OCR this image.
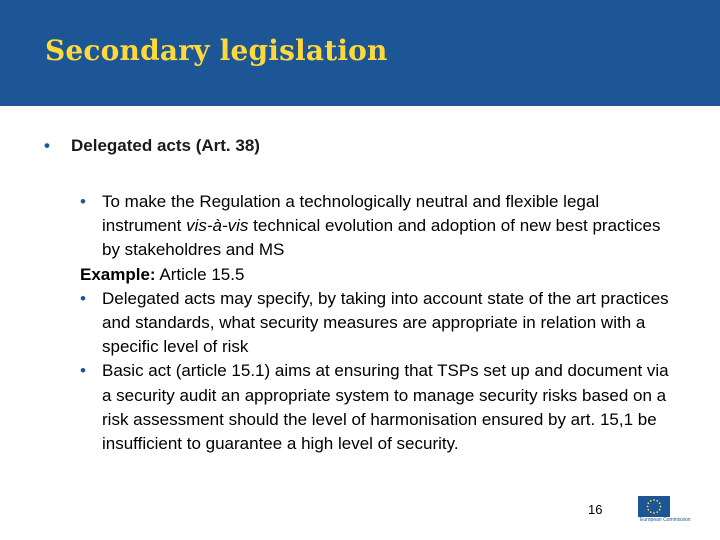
Secondary legislation
• Delegated acts (Art. 38)
• To make the Regulation a technologically neutral and flexible legal instrument vis-à-vis technical evolution and adoption of new best practices by stakeholdres and MS
Example: Article 15.5
• Delegated acts may specify, by taking into account state of the art practices and standards, what security measures are appropriate in relation with a specific level of risk
• Basic act (article 15.1) aims at ensuring that TSPs set up and document via a security audit an appropriate system to manage security risks based on a risk assessment should the level of harmonisation ensured by art. 15,1 be insufficient to guarantee a high level of security.
16
European Commission
